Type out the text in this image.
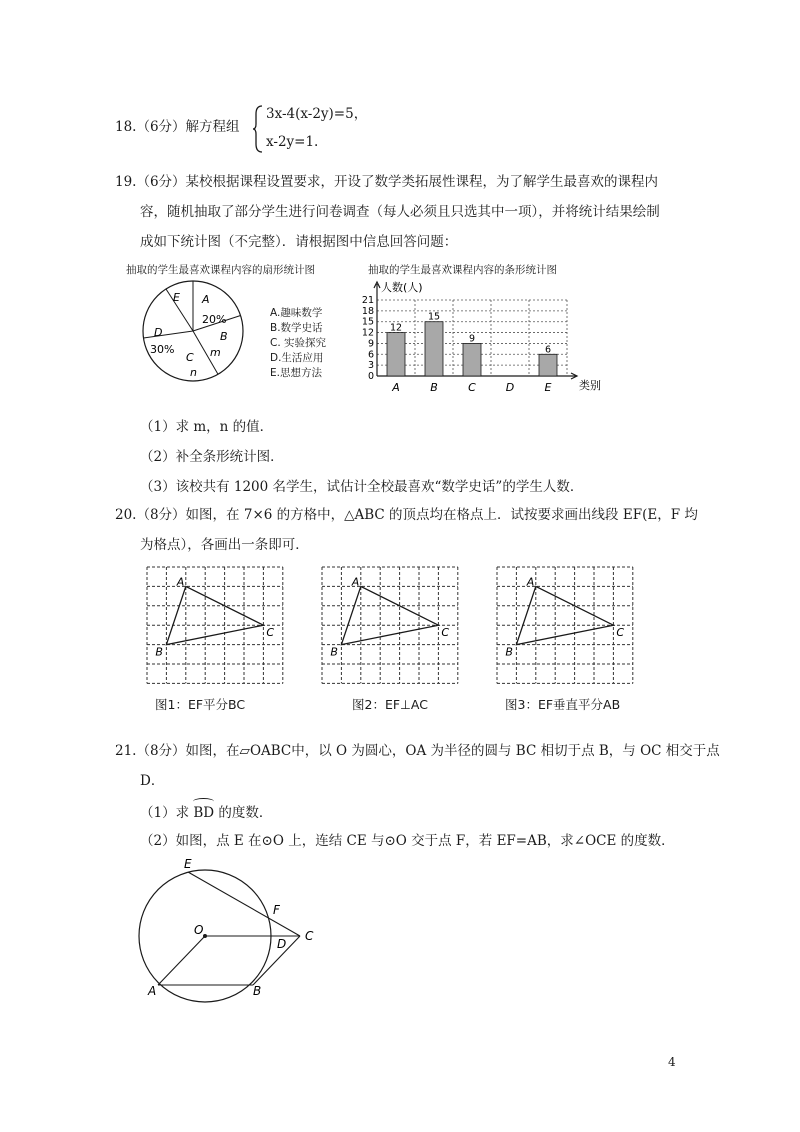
18.（6分）解方程组
3x-4(x-2y)=5，
x-2y=1.
19.（6分）某校根据课程设置要求，开设了数学类拓展性课程，为了解学生最喜欢的课程内
容，随机抽取了部分学生进行问卷调查（每人必须且只选其中一项），并将统计结果绘制
成如下统计图（不完整）．请根据图中信息回答问题：
抽取的学生最喜欢课程内容的扇形统计图	抽取的学生最喜欢课程内容的条形统计图
A
20%
B
m
C
n
D
30%
E
A.趣味数学
B.数学史话
C. 实验探究
D.生活应用
E.思想方法	0
3
6
9
12
15
18
21
人数(人)
类别
12
A
15
B
9
C	D
6
E
（1）求 m，n 的值．
（2）补全条形统计图．
（3）该校共有 1200 名学生，试估计全校最喜欢“数学史话”的学生人数．
20.（8分）如图，在 7×6 的方格中，△ABC 的顶点均在格点上．试按要求画出线段 EF(E，F 均
为格点），各画出一条即可．
A
B
C
A
B
C
A
B
C
图1：EF平分BC	图2：EF⊥AC	图3：EF垂直平分AB
21.（8分）如图，在▱OABC中，以 O 为圆心，OA 为半径的圆与 BC 相切于点 B，与 OC 相交于点
D．
（1）求
BD 的度数．
（2）如图，点 E 在⊙O 上，连结 CE 与⊙O 交于点 F，若 EF=AB，求∠OCE 的度数．
E
F
O
D
C
A	B
4
